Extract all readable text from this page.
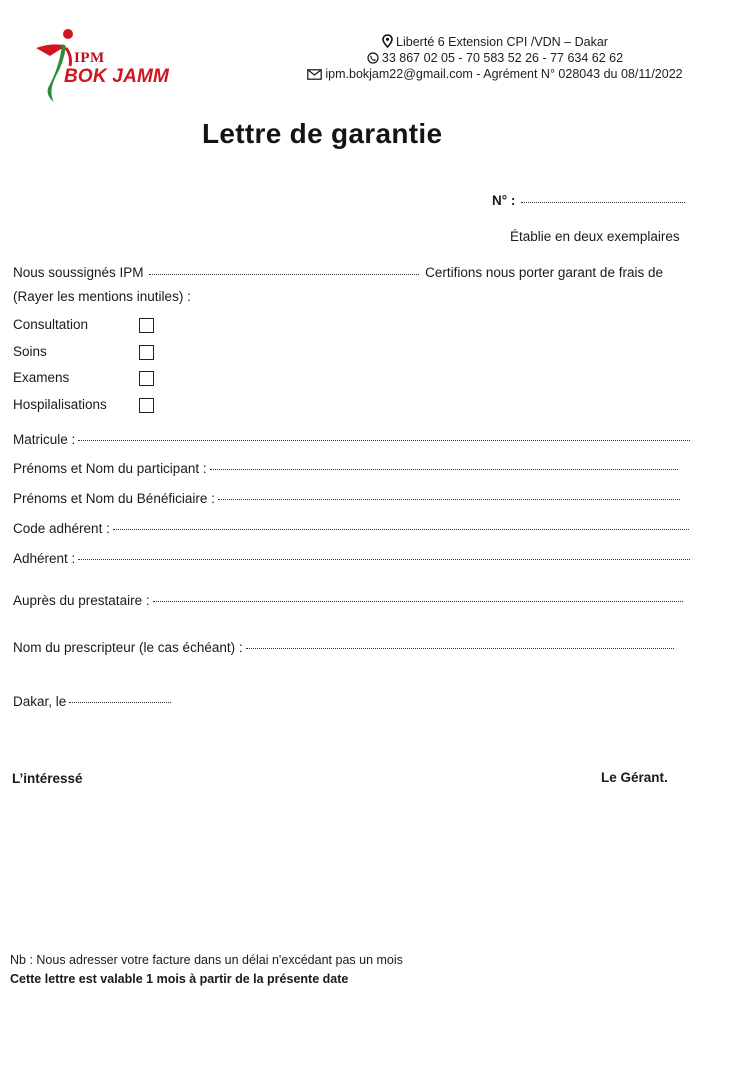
IPM
BOK JAMM
Liberté 6 Extension CPI /VDN – Dakar
33 867 02 05 - 70 583 52 26 - 77 634 62 62
ipm.bokjam22@gmail.com - Agrément N° 028043 du 08/11/2022
Lettre de garantie
N° :
Établie en deux exemplaires
Nous soussignés IPM	Certifions nous porter garant de frais de
(Rayer les mentions inutiles) :
Consultation
Soins
Examens
Hospilalisations
Matricule :
Prénoms et Nom du participant :
Prénoms et Nom du Bénéficiaire :
Code adhérent :
Adhérent :
Auprès du prestataire :
Nom du prescripteur (le cas échéant) :
Dakar, le
L’intéressé	Le Gérant.
Nb : Nous adresser votre facture dans un délai n'excédant pas un mois
Cette lettre est valable 1 mois à partir de la présente date
